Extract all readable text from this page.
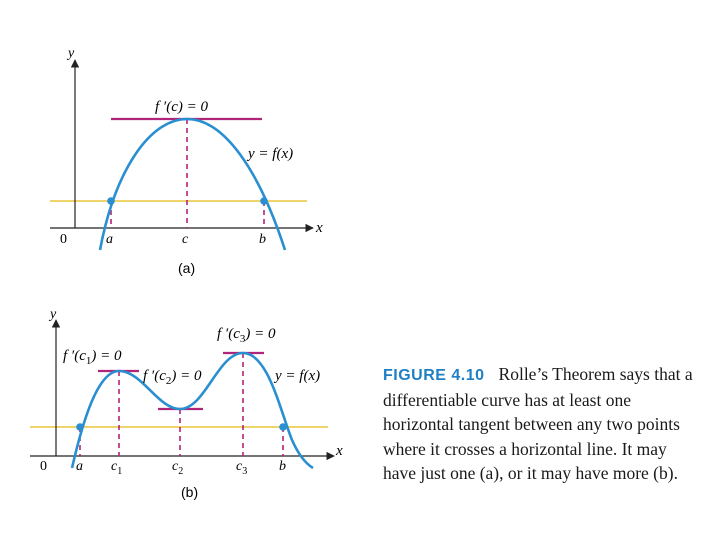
y
x
0	a	c	b
f ′(c) = 0
y = f(x)
(a)
y
x
0 a $c_1$	$c_2$	$c_3$ b
f $'(c_1) = 0$
f $'(c_2) = 0$
f $'(c_3) = 0$
y = f(x)
(b)
FIGURE 4.10 Rolle’s Theorem says that a differentiable curve has at least one horizontal tangent between any two points where it crosses a horizontal line. It may have just one (a), or it may have more (b).
